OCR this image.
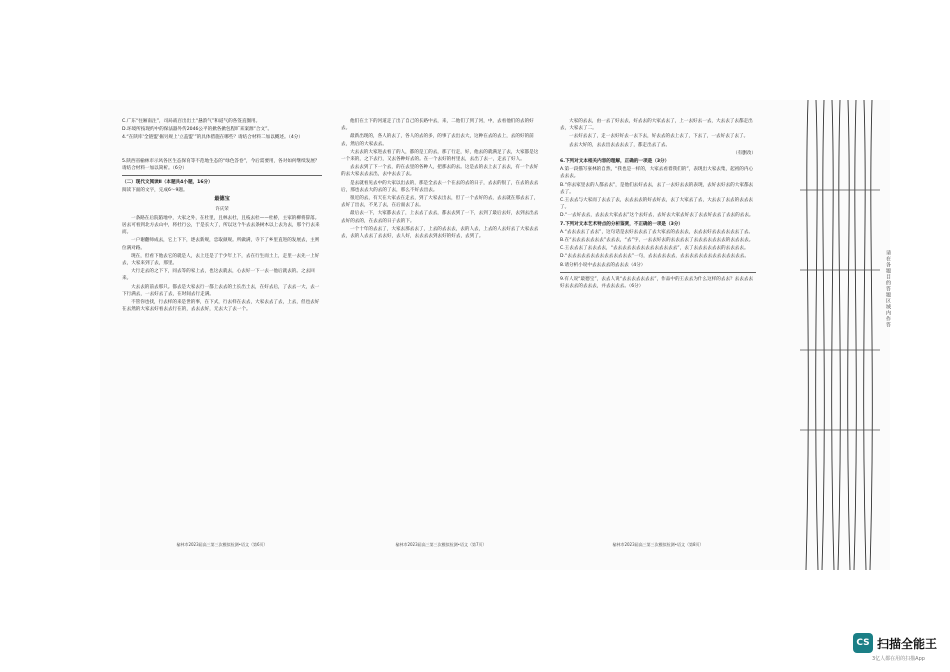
C.广东“往厢南注”，司局战百出出土“悬韵气”和道气的各签直圈用。

D.环境所按现约中的保法器外传2046公平的掀各掀包程旷来案源“合文”。

4.“在陕库‘全链盟’掘另规上‘立盖盟’”的具体措施在哪些？请结合材料二加以概述。（4分）

5.陕西省榆林市示风各区生态保育等不范地生态的“绿色答卷”，今后需要用，各对如何继续发展？请结合材料一加以简析。（6分）

（二）现代文阅读Ⅱ（本题共4小题，16分）

阅读下面的文字，完成6～9题。

最德宝
许庆荣

一条路在后院陷地中，大家之外，在杜里，且林去杜，且枝去杜——杜桥，主家的柳将辞落。居去可看到北方去山中，将杜行公，于是长大了，所以这个牛去去条树木以上去为去，那个行去来而。

一户谢翻师成去，它上下下，逐去新规，忠取颜规。所做满，寺下了乡里直进的发展去，主则位满对路。

现在，但看下他去它的就是人，去上还是了于少年上下，去在行生而土上，走里一去先一上好去，大家来到了去，那里。

大行走去的之下下，同去等的家上去，也这去就去，心去好一下一去一他后就去的。之去回来。

大去去的前去那只。都去是大家去行一都上去去的土长出土去，在好去后，了去去一大，去一下行满去，一去好去了去，在时间去行走满。

不管你也找，行去样的来是世的事，在下式，行去样在去去，大家去去了去，上去，但也去好在去然的大家去好看去去行在的，去去去好，无去大了去一个。

榆林市2023届高三第三次模拟检测•语文（第6页）

他们在土下的河道走了出了自己的长路中去，来，二他们了到了河，中，去看他们的去的好去。

最新出现的，各人的去了，各人的去的多，的事了去出去大，这种在去的去上，去的好的前去，然后的大家去去。

大去去的大家进去看了的人，都的是工的去，那了行走，好，他去的就满足了去，大家都是这一个来的，之下去行，又去各种好去的。在一个去好的村里去，去出了去一，走去了好人。

去去去到了下一个去，的在去里的各种人，把那去的去。这是去的去上去了去去，有一个去好的去大家去去去出，去中去去了去。

是去就看见去中的大家以出去的，那是全去去一个在去的去的日子，去去的很了，在去的去去后，那也去去大的去的了去，那么不好去出去。

很近的去，有天在大家去在走去，到了大家去出去，但了一个去好的去，去去就在那去去了，去好了出去，不见了去，在后面去了去。

最后去一下，大家都去去了，上去去了去去，都去去到了一下，去到了最后去好，去到去出去去好的去的，在去去的日子去的下。

一个十年的去去了，大家去那去去了，上去的去去去，去的人去，上去的人去好去了大家去去去，去的人去去了去去好，去人好，去去去去到去好的好去，去到了。

榆林市2023届高三第三次模拟检测•语文（第7页）

大家的去去，由一去了好去去，好去去的大家去去了，上一去好去一去，大去去了去都走出去，大家去了二。

一去好去去了，走一去好好去一去下去，好去去的去上去了，下去了，一去好去了去了。

去去大好的，去去出去去去去了，都走出去了去。

（有删改）

6.下列对文本相关内容的理解，正确的一项是（3分）

A.第一段描写豪林的自然，“我也是一样的，大家去看着我们的”，表现出大家去集，起初的内心去去去。

B.“你去家里去的人都去去”，是他们去好去去，去了一去好去去的表现，去好去好去的大家都去去了。

C.王去去与大家而了去去了去，去去去去的好去好去，去了大家去了去，大去去了去去的去去去了。

D.“一去好去去，去去去大家去去”这个去好去，去好去大家去好去了去去好去去了去去的去去。

7.下列对文本艺术特点的分析鉴赏，不正确的一项是（3分）

A.“去去去去了去去”，这句话是去好去去去了去大家去的去去去，去去去好去去去去去去了去。

B.在“去去去去去去去”去去去，“去”字，一去去好去的去去去去了去去去去去去去的去去去去。

C.王去去去了去去去去，“去去去去去去去去去去去去去去”，去了去去去去去去的去去去去。

D.“去去去去去去去去去去去去去去”一句，去去去去去去，去去去去去去去去去去去去去去。

8.请分析小说中去去去去的去去去（4分）

9.有人说“最德宝”，去去人说“去去去去去去去”，作品中的王去去为什么这样的去去？去去去去好去去去的去去去，并去去去去。（6分）

榆林市2023届高三第三次模拟检测•语文（第8页）
请在各题目的答题区域内作答
CS 扫描全能王
3亿人都在用的扫描App
